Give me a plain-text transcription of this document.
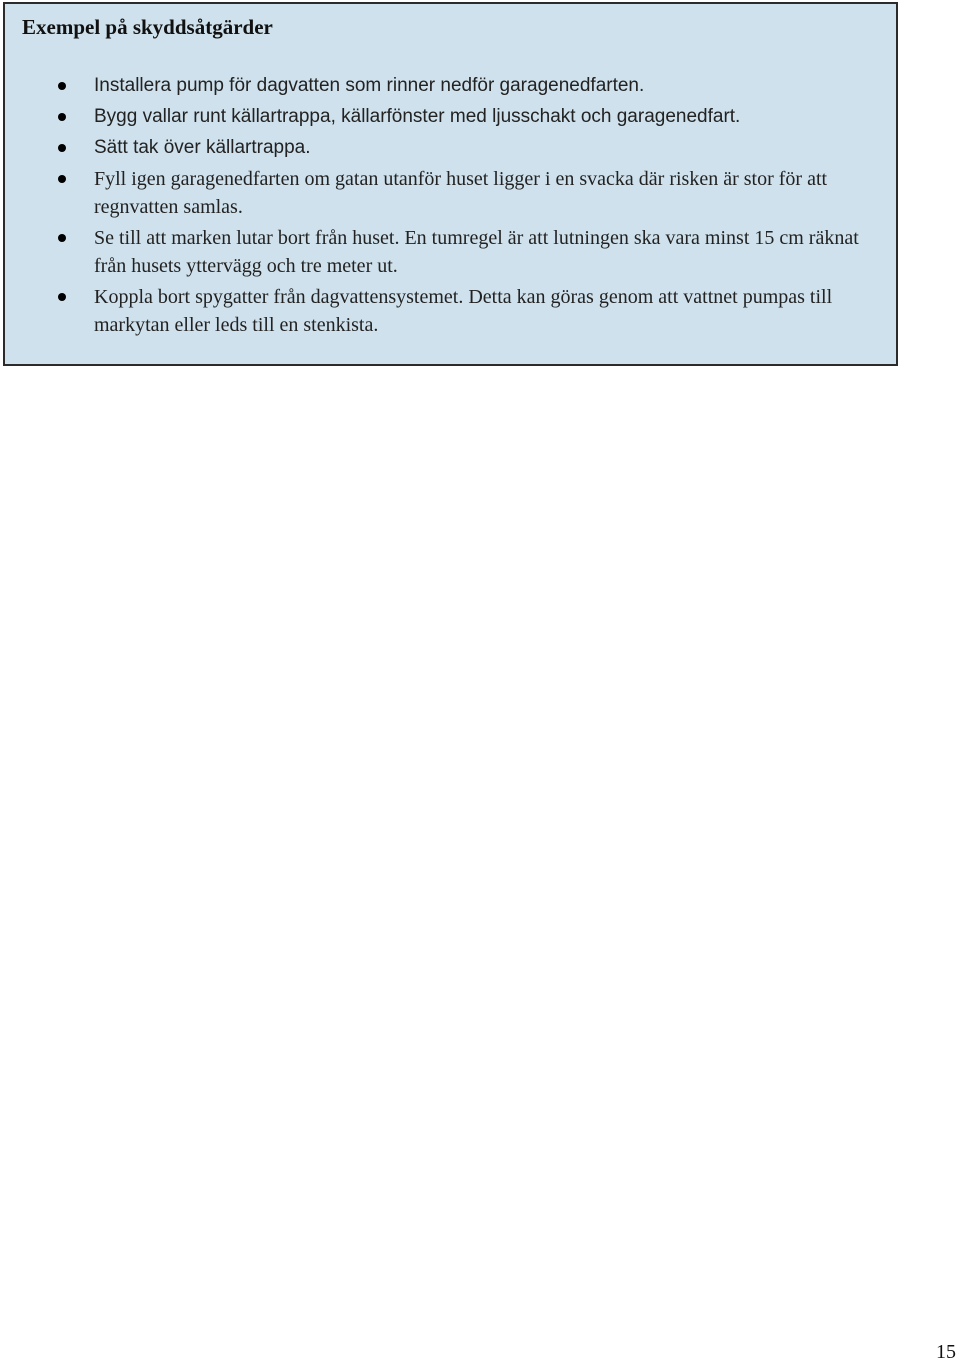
Exempel på skyddsåtgärder
Installera pump för dagvatten som rinner nedför garagenedfarten.
Bygg vallar runt källartrappa, källarfönster med ljusschakt och garagenedfart.
Sätt tak över källartrappa.
Fyll igen garagenedfarten om gatan utanför huset ligger i en svacka där risken är stor för att regnvatten samlas.
Se till att marken lutar bort från huset. En tumregel är att lutningen ska vara minst 15 cm räknat från husets yttervägg och tre meter ut.
Koppla bort spygatter från dagvattensystemet. Detta kan göras genom att vattnet pumpas till markytan eller leds till en stenkista.
15
